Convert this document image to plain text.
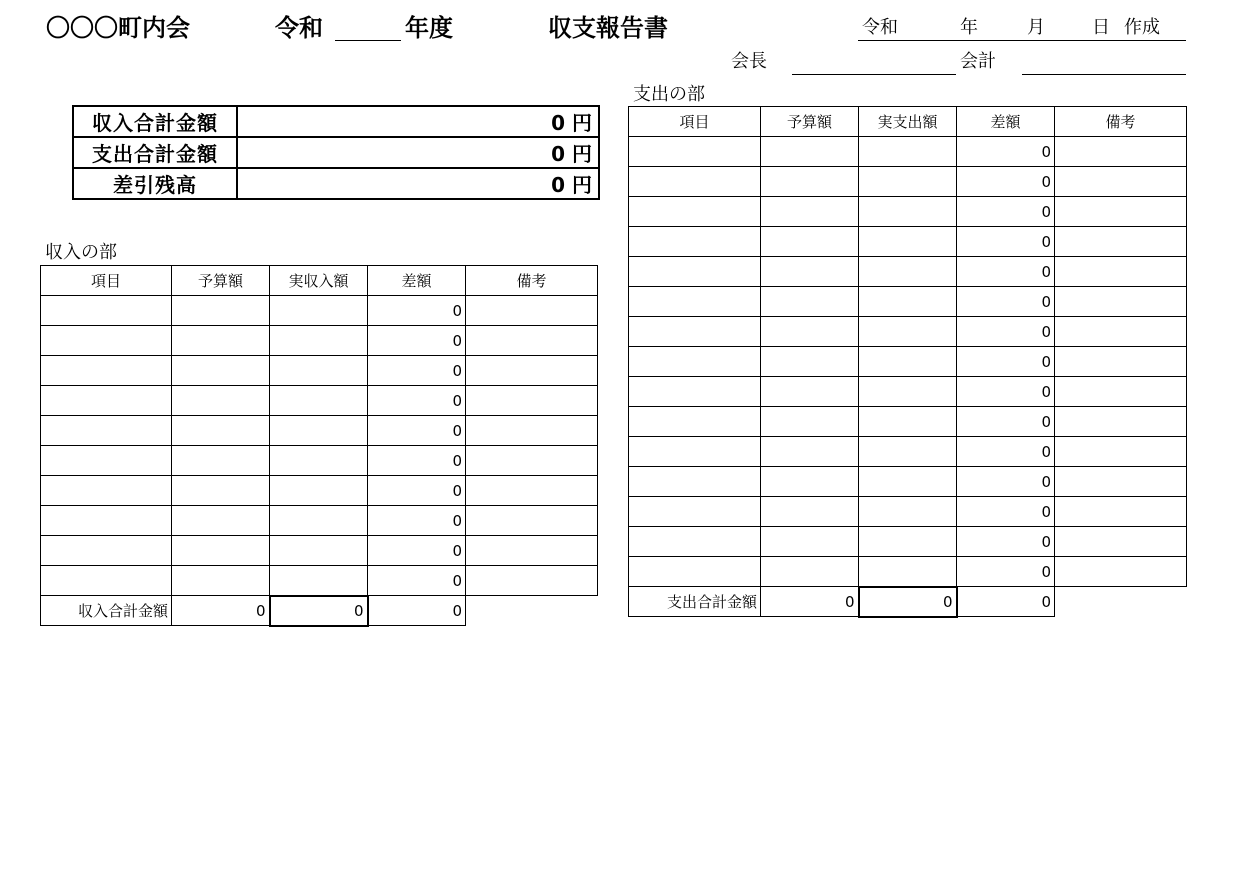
〇〇〇町内会	令和	年度	収支報告書	令和	年	月	日 作成
会長	会計
収入合計金額	0 円
支出合計金額	0 円
差引残高	0 円
収入の部
項目	予算額	実収入額	差額	備考
			0	
			0	
			0	
			0	
			0	
			0	
			0	
			0	
			0	
			0	
収入合計金額	0	0	0	
支出の部
項目	予算額	実支出額	差額	備考
			0	
			0	
			0	
			0	
			0	
			0	
			0	
			0	
			0	
			0	
			0	
			0	
			0	
			0	
			0	
支出合計金額	0	0	0	
